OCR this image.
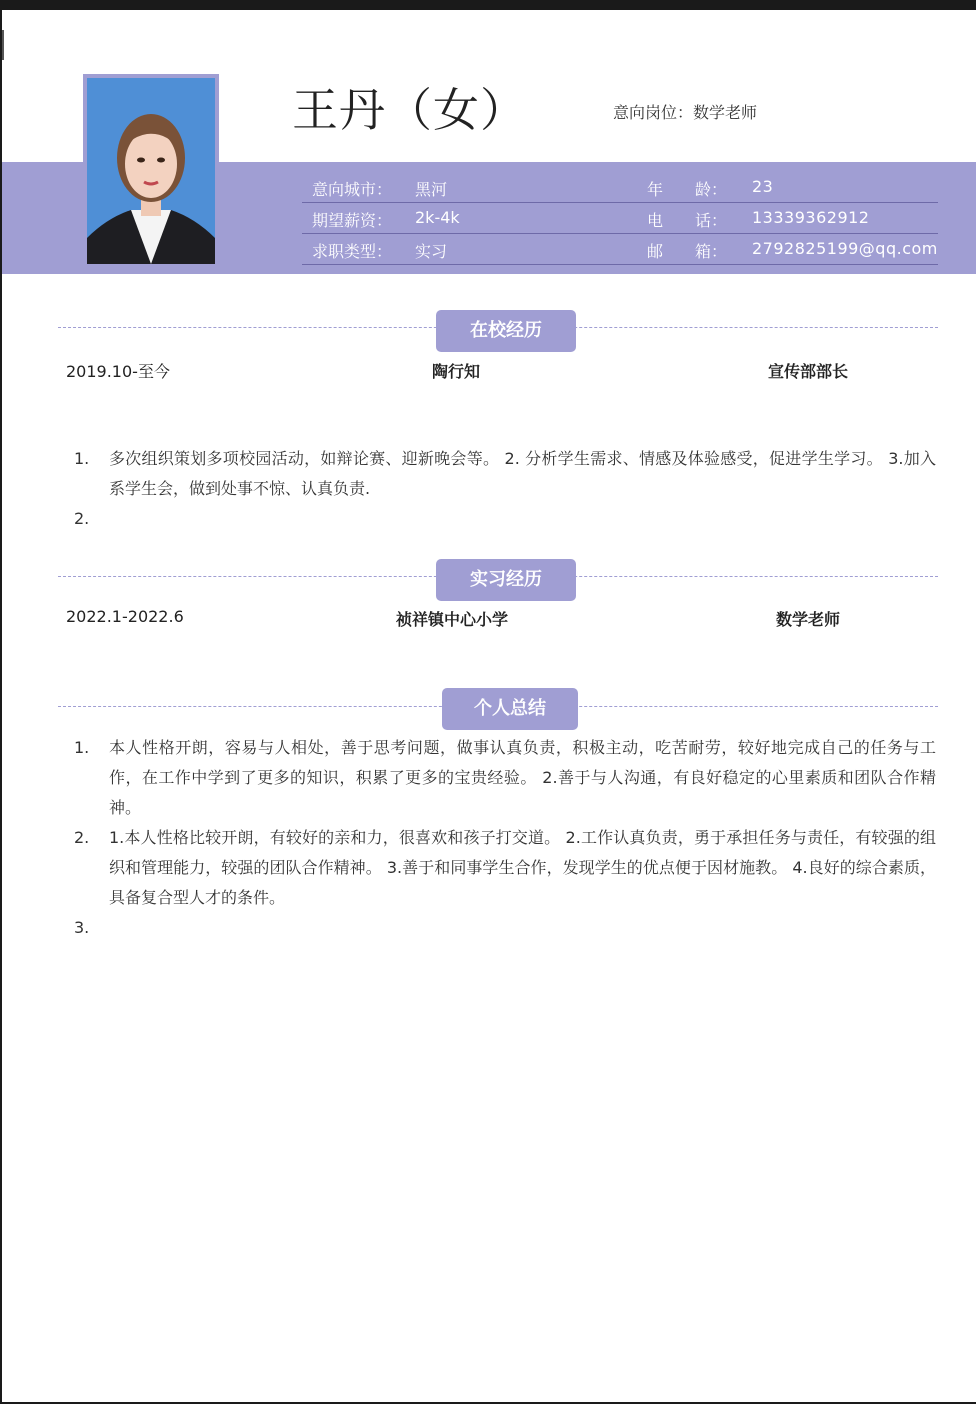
王丹（女）	意向岗位：数学老师
意向城市： 黑河	年　　龄： 23
期望薪资： 2k-4k	电　　话： 13339362912
求职类型： 实习	邮　　箱： 2792825199@qq.com
在校经历
2019.10-至今	陶行知	宣传部部长
1. 多次组织策划多项校园活动，如辩论赛、迎新晚会等。 2. 分析学生需求、情感及体验感受，促进学生学习。 3.加入系学生会，做到处事不惊、认真负责.
2.

实习经历
2022.1-2022.6	祯祥镇中心小学	数学老师
个人总结
1. 本人性格开朗，容易与人相处，善于思考问题，做事认真负责，积极主动，吃苦耐劳，较好地完成自己的任务与工作，在工作中学到了更多的知识，积累了更多的宝贵经验。 2.善于与人沟通，有良好稳定的心里素质和团队合作精神。
2. 1.本人性格比较开朗，有较好的亲和力，很喜欢和孩子打交道。 2.工作认真负责，勇于承担任务与责任，有较强的组织和管理能力，较强的团队合作精神。 3.善于和同事学生合作，发现学生的优点便于因材施教。 4.良好的综合素质，具备复合型人才的条件。
3.
